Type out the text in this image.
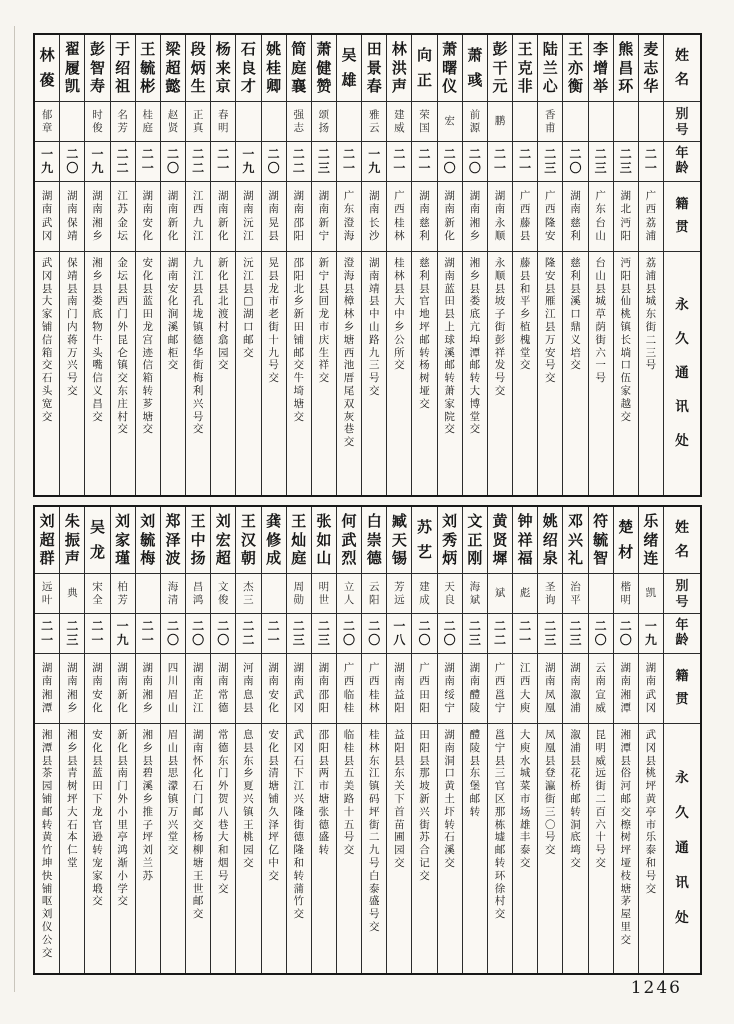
姓
名
别
号
年
龄
籍
贯
永
久
通
讯
处
麦
志
华
二
一
广
西
荔
浦
荔
浦
县
城
东
街
二
三
号
熊
昌
环
二
三
湖
北
沔
阳
沔
阳
县
仙
桃
镇
长
埫
口
伍
家
越
交
李
增
举
二
三
广
东
台
山
台
山
县
城
草
荫
街
六
一
号
王
亦
衡
二
〇
湖
南
慈
利
慈
利
县
溪
口
鼎
义
培
交
陆
兰
心
香
甫
二
三
广
西
隆
安
隆
安
县
雁
江
县
万
安
号
交
王
克
非
二
一
广
西
藤
县
藤
县
和
平
乡
植
槐
堂
交
彭
干
元
鹏
二
一
湖
南
永
顺
永
顺
县
坡
子
街
彭
祥
发
号
交
萧
彧
前
源
二
〇
湖
南
湘
乡
湘
乡
县
娄
底
亢
埠
潭
邮
转
大
博
堂
交
萧
曙
仪
宏
二
〇
湖
南
新
化
湖
南
蓝
田
县
上
球
溪
邮
转
萧
家
院
交
向
正
荣
国
二
一
湖
南
慈
利
慈
利
县
官
地
坪
邮
转
杨
树
垭
交
林
洪
声
建
威
二
一
广
西
桂
林
桂
林
县
大
中
乡
公
所
交
田
景
春
雅
云
一
九
湖
南
长
沙
湖
南
靖
县
中
山
路
九
三
号
交
吴
雄
二
一
广
东
澄
海
澄
海
县
樟
林
乡
塘
西
池
厝
尾
双
灰
巷
交
萧
健
赞
颂
扬
二
三
湖
南
新
宁
新
宁
县
回
龙
市
庆
生
祥
交
简
庭
襄
强
志
二
二
湖
南
邵
阳
邵
阳
北
乡
新
田
铺
邮
交
牛
埼
塘
交
姚
桂
卿
二
〇
湖
南
晃
县
晃
县
龙
市
老
街
十
九
号
交
石
良
才
一
九
湖
南
沅
江
沅
江
县
□
湖
口
邮
交
杨
来
京
春
明
二
一
湖
南
新
化
新
化
县
北
渡
村
翕
园
交
段
炳
生
正
真
二
二
江
西
九
江
九
江
县
孔
垅
镇
德
华
街
梅
利
兴
号
交
梁
超
懿
赵
贤
二
〇
湖
南
新
化
湖
南
安
化
涧
溪
邮
柜
交
王
毓
彬
桂
庭
二
一
湖
南
安
化
安
化
县
蓝
田
龙
宫
迹
信
箱
转
芗
塘
交
于
绍
祖
名
芳
二
二
江
苏
金
坛
金
坛
县
西
门
外
昆
仑
镇
交
东
庄
村
交
彭
智
寿
时
俊
一
九
湖
南
湘
乡
湘
乡
县
娄
底
物
牛
头
嘴
信
义
昌
交
翟
履
凯
二
〇
湖
南
保
靖
保
靖
县
南
门
内
蒋
万
兴
号
交
林
葰
郁
章
一
九
湖
南
武
冈
武
冈
县
大
家
铺
信
箱
交
石
头
宽
交
姓
名
别
号
年
龄
籍
贯
永
久
通
讯
处
乐
绪
连
凯
一
九
湖
南
武
冈
武
冈
县
桃
坪
黄
亭
市
乐
泰
和
号
交
楚
材
楷
明
二
〇
湖
南
湘
潭
湘
潭
县
俗
河
邮
交
檫
树
坪
垭
枝
塘
茅
屋
里
交
符
毓
智
二
〇
云
南
宣
威
昆
明
威
远
街
二
百
六
十
号
交
邓
兴
礼
治
平
二
三
湖
南
溆
浦
溆
浦
县
花
桥
邮
转
洞
底
塆
交
姚
绍
泉
圣
询
二
三
湖
南
凤
凰
凤
凰
县
登
瀛
街
三
〇
号
交
钟
祥
福
彪
二
一
江
西
大
庾
大
庾
水
城
菜
市
场
雄
丰
泰
交
黄
贤
墀
斌
二
二
广
西
邕
宁
邕
宁
县
三
官
区
那
栋
墟
邮
转
环
徐
村
交
文
正
刚
海
斌
二
三
湖
南
醴
陵
醴
陵
县
东
堡
邮
转
刘
秀
炳
天
良
二
〇
湖
南
绥
宁
湖
南
洞
口
黄
土
圷
转
石
溪
交
苏
艺
建
成
二
〇
广
西
田
阳
田
阳
县
那
坡
新
兴
街
苏
合
记
交
臧
天
锡
芳
远
一
八
湖
南
益
阳
益
阳
县
东
关
下
首
苗
圃
园
交
白
崇
德
云
阳
二
〇
广
西
桂
林
桂
林
东
江
镇
码
坪
街
二
九
号
白
泰
盛
号
交
何
武
烈
立
人
二
〇
广
西
临
桂
临
桂
县
五
美
路
十
五
号
交
张
如
山
明
世
二
三
湖
南
邵
阳
邵
阳
县
两
市
塘
张
德
盛
转
王
灿
庭
周
勋
二
三
湖
南
武
冈
武
冈
石
下
江
兴
隆
街
德
隆
和
转
蒲
竹
交
龚
修
成
二
一
湖
南
安
化
安
化
县
清
塘
铺
久
泽
坪
亿
中
交
王
汉
朝
杰
三
二
二
河
南
息
县
息
县
东
乡
夏
兴
镇
王
桃
园
交
刘
宏
超
文
俊
二
〇
湖
南
常
德
常
德
东
门
外
贺
八
巷
大
和
烟
号
交
王
中
扬
昌
鸿
二
〇
湖
南
芷
江
湖
南
怀
化
石
门
邮
交
杨
柳
塘
王
世
邮
交
郑
泽
波
海
清
二
〇
四
川
眉
山
眉
山
县
思
濛
镇
万
兴
堂
交
刘
毓
梅
二
一
湖
南
湘
乡
湘
乡
县
碧
溪
乡
推
子
坪
刘
兰
苏
刘
家
瑾
柏
芳
一
九
湖
南
新
化
新
化
县
南
门
外
小
里
亭
鸿
渐
小
学
交
吴
龙
宋
全
二
一
湖
南
安
化
安
化
县
蓝
田
下
龙
官
逊
转
宠
家
塅
交
朱
振
声
典
二
三
湖
南
湘
乡
湘
乡
县
青
树
坪
大
石
本
仁
堂
刘
超
群
远
叶
二
一
湖
南
湘
潭
湘
潭
县
茶
园
铺
邮
转
黄
竹
坤
快
铺
呕
刘
仪
公
交
1246
